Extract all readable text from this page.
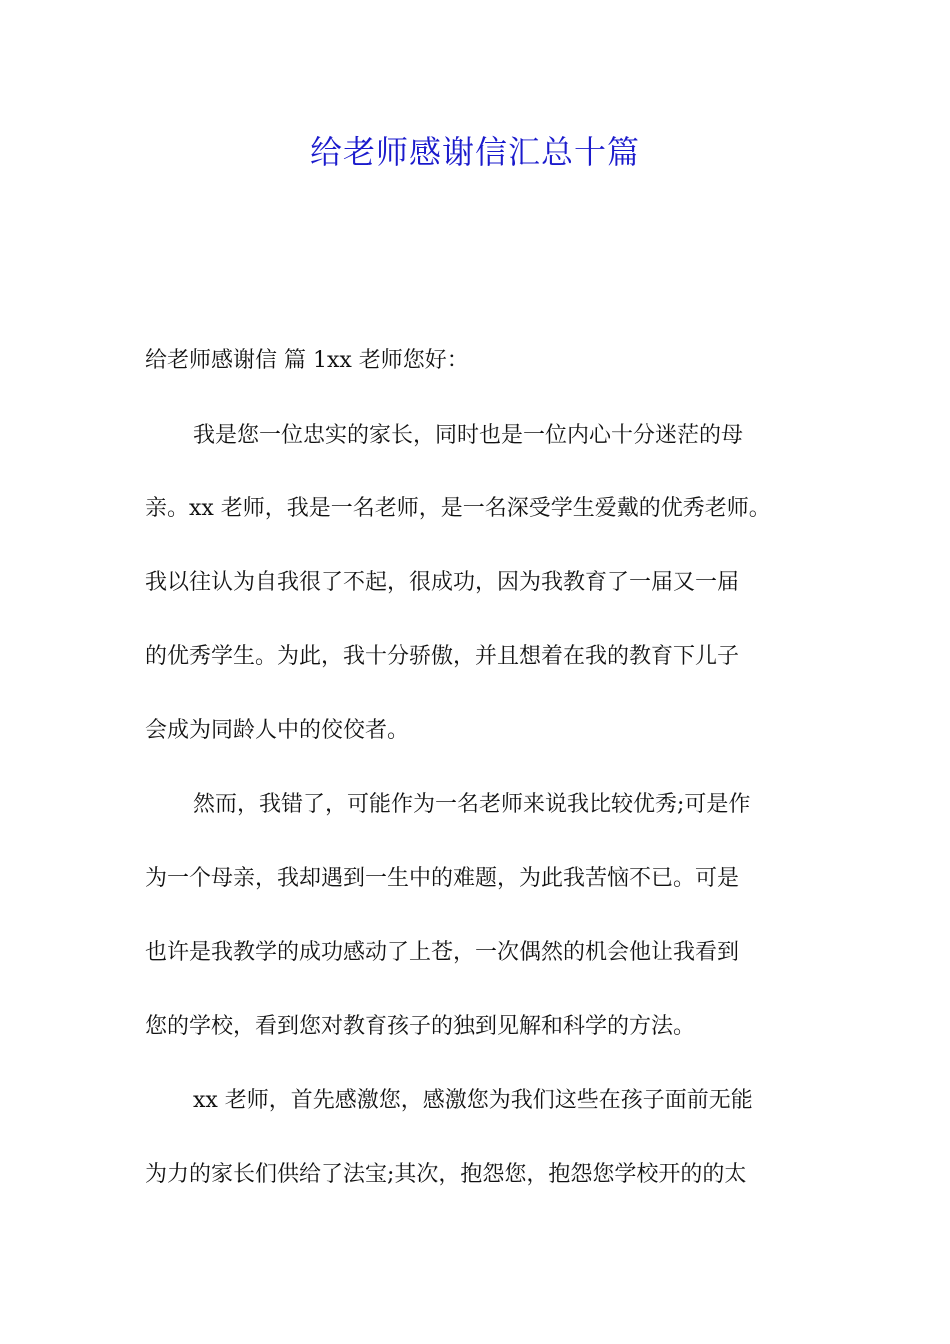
给老师感谢信汇总十篇
给老师感谢信 篇 1xx 老师您好：
我是您一位忠实的家长，同时也是一位内心十分迷茫的母
亲。xx 老师，我是一名老师，是一名深受学生爱戴的优秀老师。
我以往认为自我很了不起，很成功，因为我教育了一届又一届
的优秀学生。为此，我十分骄傲，并且想着在我的教育下儿子
会成为同龄人中的佼佼者。
然而，我错了，可能作为一名老师来说我比较优秀;可是作
为一个母亲，我却遇到一生中的难题，为此我苦恼不已。可是
也许是我教学的成功感动了上苍，一次偶然的机会他让我看到
您的学校，看到您对教育孩子的独到见解和科学的方法。
xx 老师，首先感激您，感激您为我们这些在孩子面前无能
为力的家长们供给了法宝;其次，抱怨您，抱怨您学校开的的太
